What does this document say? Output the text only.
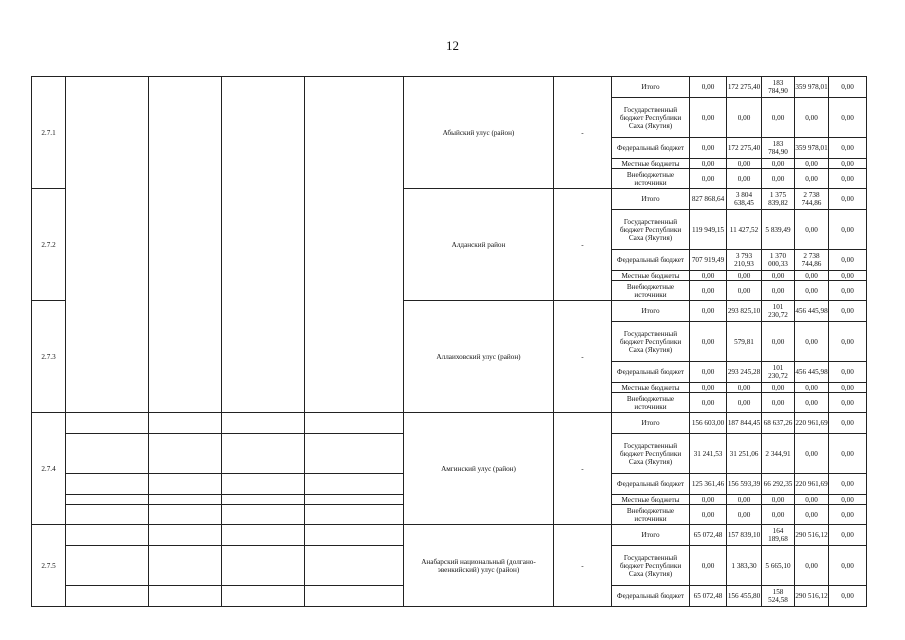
12
2.7.1					Абыйский улус (район)	-	Итого	0,00	172 275,40	183 784,90	359 978,01	0,00
							Государственный бюджет Республики Саха (Якутия)	0,00	0,00	0,00	0,00	0,00
							Федеральный бюджет	0,00	172 275,40	183 784,90	359 978,01	0,00
							Местные бюджеты	0,00	0,00	0,00	0,00	0,00
							Внебюджетные источники	0,00	0,00	0,00	0,00	0,00
2.7.2					Алданский район	-	Итого	827 868,64	3 804 638,45	1 375 839,82	2 738 744,86	0,00
							Государственный бюджет Республики Саха (Якутия)	119 949,15	11 427,52	5 839,49	0,00	0,00
							Федеральный бюджет	707 919,49	3 793 210,93	1 370 000,33	2 738 744,86	0,00
							Местные бюджеты	0,00	0,00	0,00	0,00	0,00
							Внебюджетные источники	0,00	0,00	0,00	0,00	0,00
2.7.3					Аллаиховский улус (район)	-	Итого	0,00	293 825,10	101 230,72	456 445,98	0,00
							Государственный бюджет Республики Саха (Якутия)	0,00	579,81	0,00	0,00	0,00
							Федеральный бюджет	0,00	293 245,28	101 230,72	456 445,98	0,00
							Местные бюджеты	0,00	0,00	0,00	0,00	0,00
							Внебюджетные источники	0,00	0,00	0,00	0,00	0,00
2.7.4					Амгинский улус (район)	-	Итого	156 603,00	187 844,45	68 637,26	220 961,69	0,00
							Государственный бюджет Республики Саха (Якутия)	31 241,53	31 251,06	2 344,91	0,00	0,00
							Федеральный бюджет	125 361,46	156 593,39	66 292,35	220 961,69	0,00
							Местные бюджеты	0,00	0,00	0,00	0,00	0,00
							Внебюджетные источники	0,00	0,00	0,00	0,00	0,00
2.7.5					Анабарский национальный (долгано-эвенкийский) улус (район)	-	Итого	65 072,48	157 839,10	164 189,68	290 516,12	0,00
							Государственный бюджет Республики Саха (Якутия)	0,00	1 383,30	5 665,10	0,00	0,00
							Федеральный бюджет	65 072,48	156 455,80	158 524,58	290 516,12	0,00
